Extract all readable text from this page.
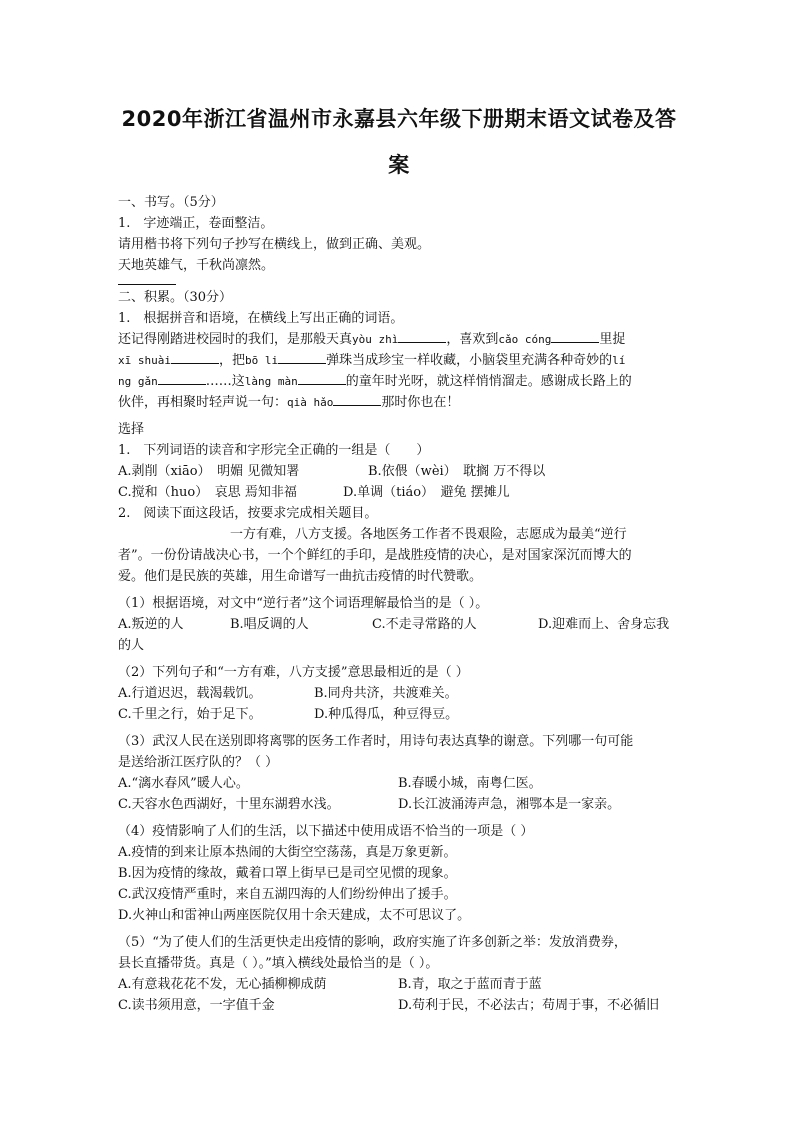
2020年浙江省温州市永嘉县六年级下册期末语文试卷及答
案
一、书写。（5分）
1.　字迹端正，卷面整洁。
请用楷书将下列句子抄写在横线上，做到正确、美观。
天地英雄气，千秋尚凛然。
二、积累。（30分）
1.　根据拼音和语境，在横线上写出正确的词语。
还记得刚踏进校园时的我们，是那般天真yòu zhì	，喜欢到cǎo cóng	里捉
xī shuài	，把bō li	弹珠当成珍宝一样收藏，小脑袋里充满各种奇妙的lí
ng gǎn	……这làng màn	的童年时光呀，就这样悄悄溜走。感谢成长路上的
伙伴，再相聚时轻声说一句：qià hǎo	那时你也在！
选择
1.　下列词语的读音和字形完全正确的一组是（　　）
A.剥削（xiāo）　明媚 见微知署	B.依偎（wèi）　耽搁 万不得以
C.搅和（huo）　哀思 焉知非福	D.单调（tiáo）　避兔 摆摊儿
2.　阅读下面这段话，按要求完成相关题目。
一方有难，八方支援。各地医务工作者不畏艰险，志愿成为最美“逆行
者”。一份份请战决心书，一个个鲜红的手印，是战胜疫情的决心，是对国家深沉而博大的
爱。他们是民族的英雄，用生命谱写一曲抗击疫情的时代赞歌。
（1）根据语境，对文中“逆行者”这个词语理解最恰当的是（ ）。
A.叛逆的人	B.唱反调的人	C.不走寻常路的人	D.迎难而上、舍身忘我
的人
（2）下列句子和“一方有难，八方支援”意思最相近的是（ ）
A.行道迟迟，载渴载饥。	B.同舟共济，共渡难关。
C.千里之行，始于足下。	D.种瓜得瓜，种豆得豆。
（3）武汉人民在送别即将离鄂的医务工作者时，用诗句表达真挚的谢意。下列哪一句可能
是送给浙江医疗队的？（ ）
A.“漓水春风”暖人心。	B.春暖小城，南粤仁医。
C.天容水色西湖好，十里东湖碧水浅。	D.长江波涌涛声急，湘鄂本是一家亲。
（4）疫情影响了人们的生活，以下描述中使用成语不恰当的一项是（ ）
A.疫情的到来让原本热闹的大街空空荡荡，真是万象更新。
B.因为疫情的缘故，戴着口罩上街早已是司空见惯的现象。
C.武汉疫情严重时，来自五湖四海的人们纷纷伸出了援手。
D.火神山和雷神山两座医院仅用十余天建成，太不可思议了。
（5）“为了使人们的生活更快走出疫情的影响，政府实施了许多创新之举：发放消费券，
县长直播带货。真是（ ）。”填入横线处最恰当的是（ ）。
A.有意栽花花不发，无心插柳柳成荫	B.青，取之于蓝而青于蓝
C.读书须用意，一字值千金	D.苟利于民，不必法古；苟周于事，不必循旧
